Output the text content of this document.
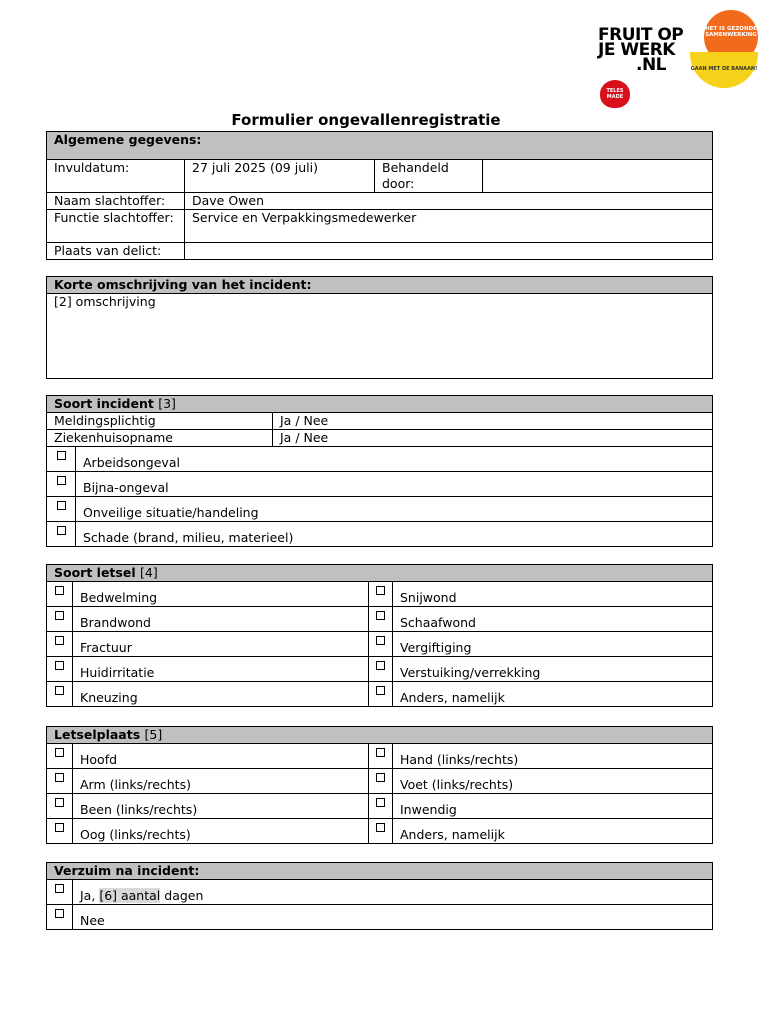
FRUIT OP
JE WERK
.NL
HET IS GEZONDE SAMENWERKING
GAAN MET DE BANAAN!
TELES MADE
Formulier ongevallenregistratie
Algemene gegevens:			
Invuldatum:	27 juli 2025 (09 juli)	Behandeld door:	
Naam slachtoffer:	Dave Owen		
Functie slachtoffer:	Service en Verpakkingsmedewerker		
Plaats van delict:			
Korte omschrijving van het incident:
[2] omschrijving
Soort incident [3]		
Meldingsplichtig		Ja / Nee
Ziekenhuisopname		Ja / Nee
	Arbeidsongeval	
	Bijna-ongeval	
	Onveilige situatie/handeling	
	Schade (brand, milieu, materieel)	
Soort letsel [4]			
	Bedwelming		Snijwond
	Brandwond		Schaafwond
	Fractuur		Vergiftiging
	Huidirritatie		Verstuiking/verrekking
	Kneuzing		Anders, namelijk
Letselplaats [5]			
	Hoofd		Hand (links/rechts)
	Arm (links/rechts)		Voet (links/rechts)
	Been (links/rechts)		Inwendig
	Oog (links/rechts)		Anders, namelijk
Verzuim na incident:	
	Ja, [6] aantal dagen
	Nee
